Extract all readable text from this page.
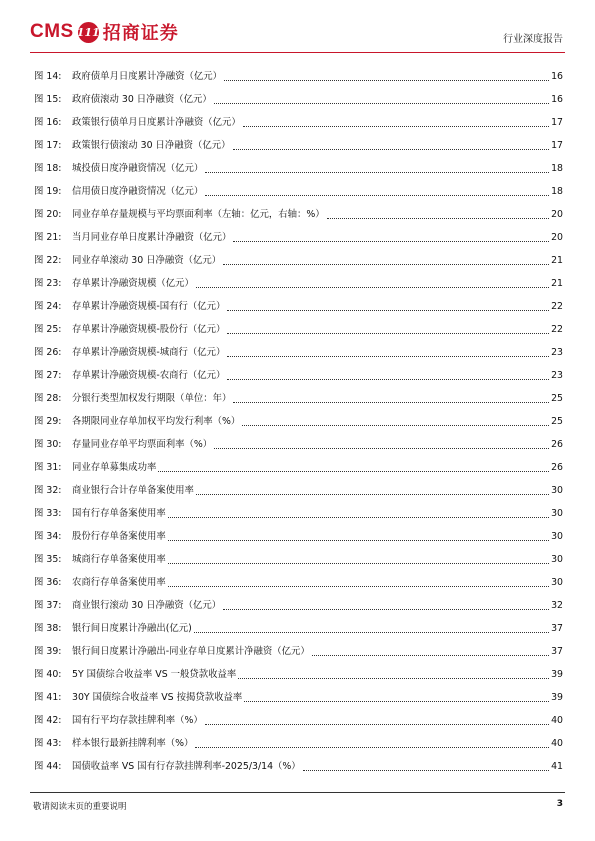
CMS 111 招商证券	行业深度报告
图 14:	政府债单月日度累计净融资（亿元）	16
图 15:	政府债滚动 30 日净融资（亿元）	16
图 16:	政策银行债单月日度累计净融资（亿元）	17
图 17:	政策银行债滚动 30 日净融资（亿元）	17
图 18:	城投债日度净融资情况（亿元）	18
图 19:	信用债日度净融资情况（亿元）	18
图 20:	同业存单存量规模与平均票面利率（左轴：亿元，右轴：%）	20
图 21:	当月同业存单日度累计净融资（亿元）	20
图 22:	同业存单滚动 30 日净融资（亿元）	21
图 23:	存单累计净融资规模（亿元）	21
图 24:	存单累计净融资规模-国有行（亿元）	22
图 25:	存单累计净融资规模-股份行（亿元）	22
图 26:	存单累计净融资规模-城商行（亿元）	23
图 27:	存单累计净融资规模-农商行（亿元）	23
图 28:	分银行类型加权发行期限（单位：年）	25
图 29:	各期限同业存单加权平均发行利率（%）	25
图 30:	存量同业存单平均票面利率（%）	26
图 31:	同业存单募集成功率	26
图 32:	商业银行合计存单备案使用率	30
图 33:	国有行存单备案使用率	30
图 34:	股份行存单备案使用率	30
图 35:	城商行存单备案使用率	30
图 36:	农商行存单备案使用率	30
图 37:	商业银行滚动 30 日净融资（亿元）	32
图 38:	银行间日度累计净融出(亿元)	37
图 39:	银行间日度累计净融出-同业存单日度累计净融资（亿元）	37
图 40:	5Y 国债综合收益率 VS 一般贷款收益率	39
图 41:	30Y 国债综合收益率 VS 按揭贷款收益率	39
图 42:	国有行平均存款挂牌利率（%）	40
图 43:	样本银行最新挂牌利率（%）	40
图 44:	国债收益率 VS 国有行存款挂牌利率-2025/3/14（%）	41
敬请阅读末页的重要说明	3
